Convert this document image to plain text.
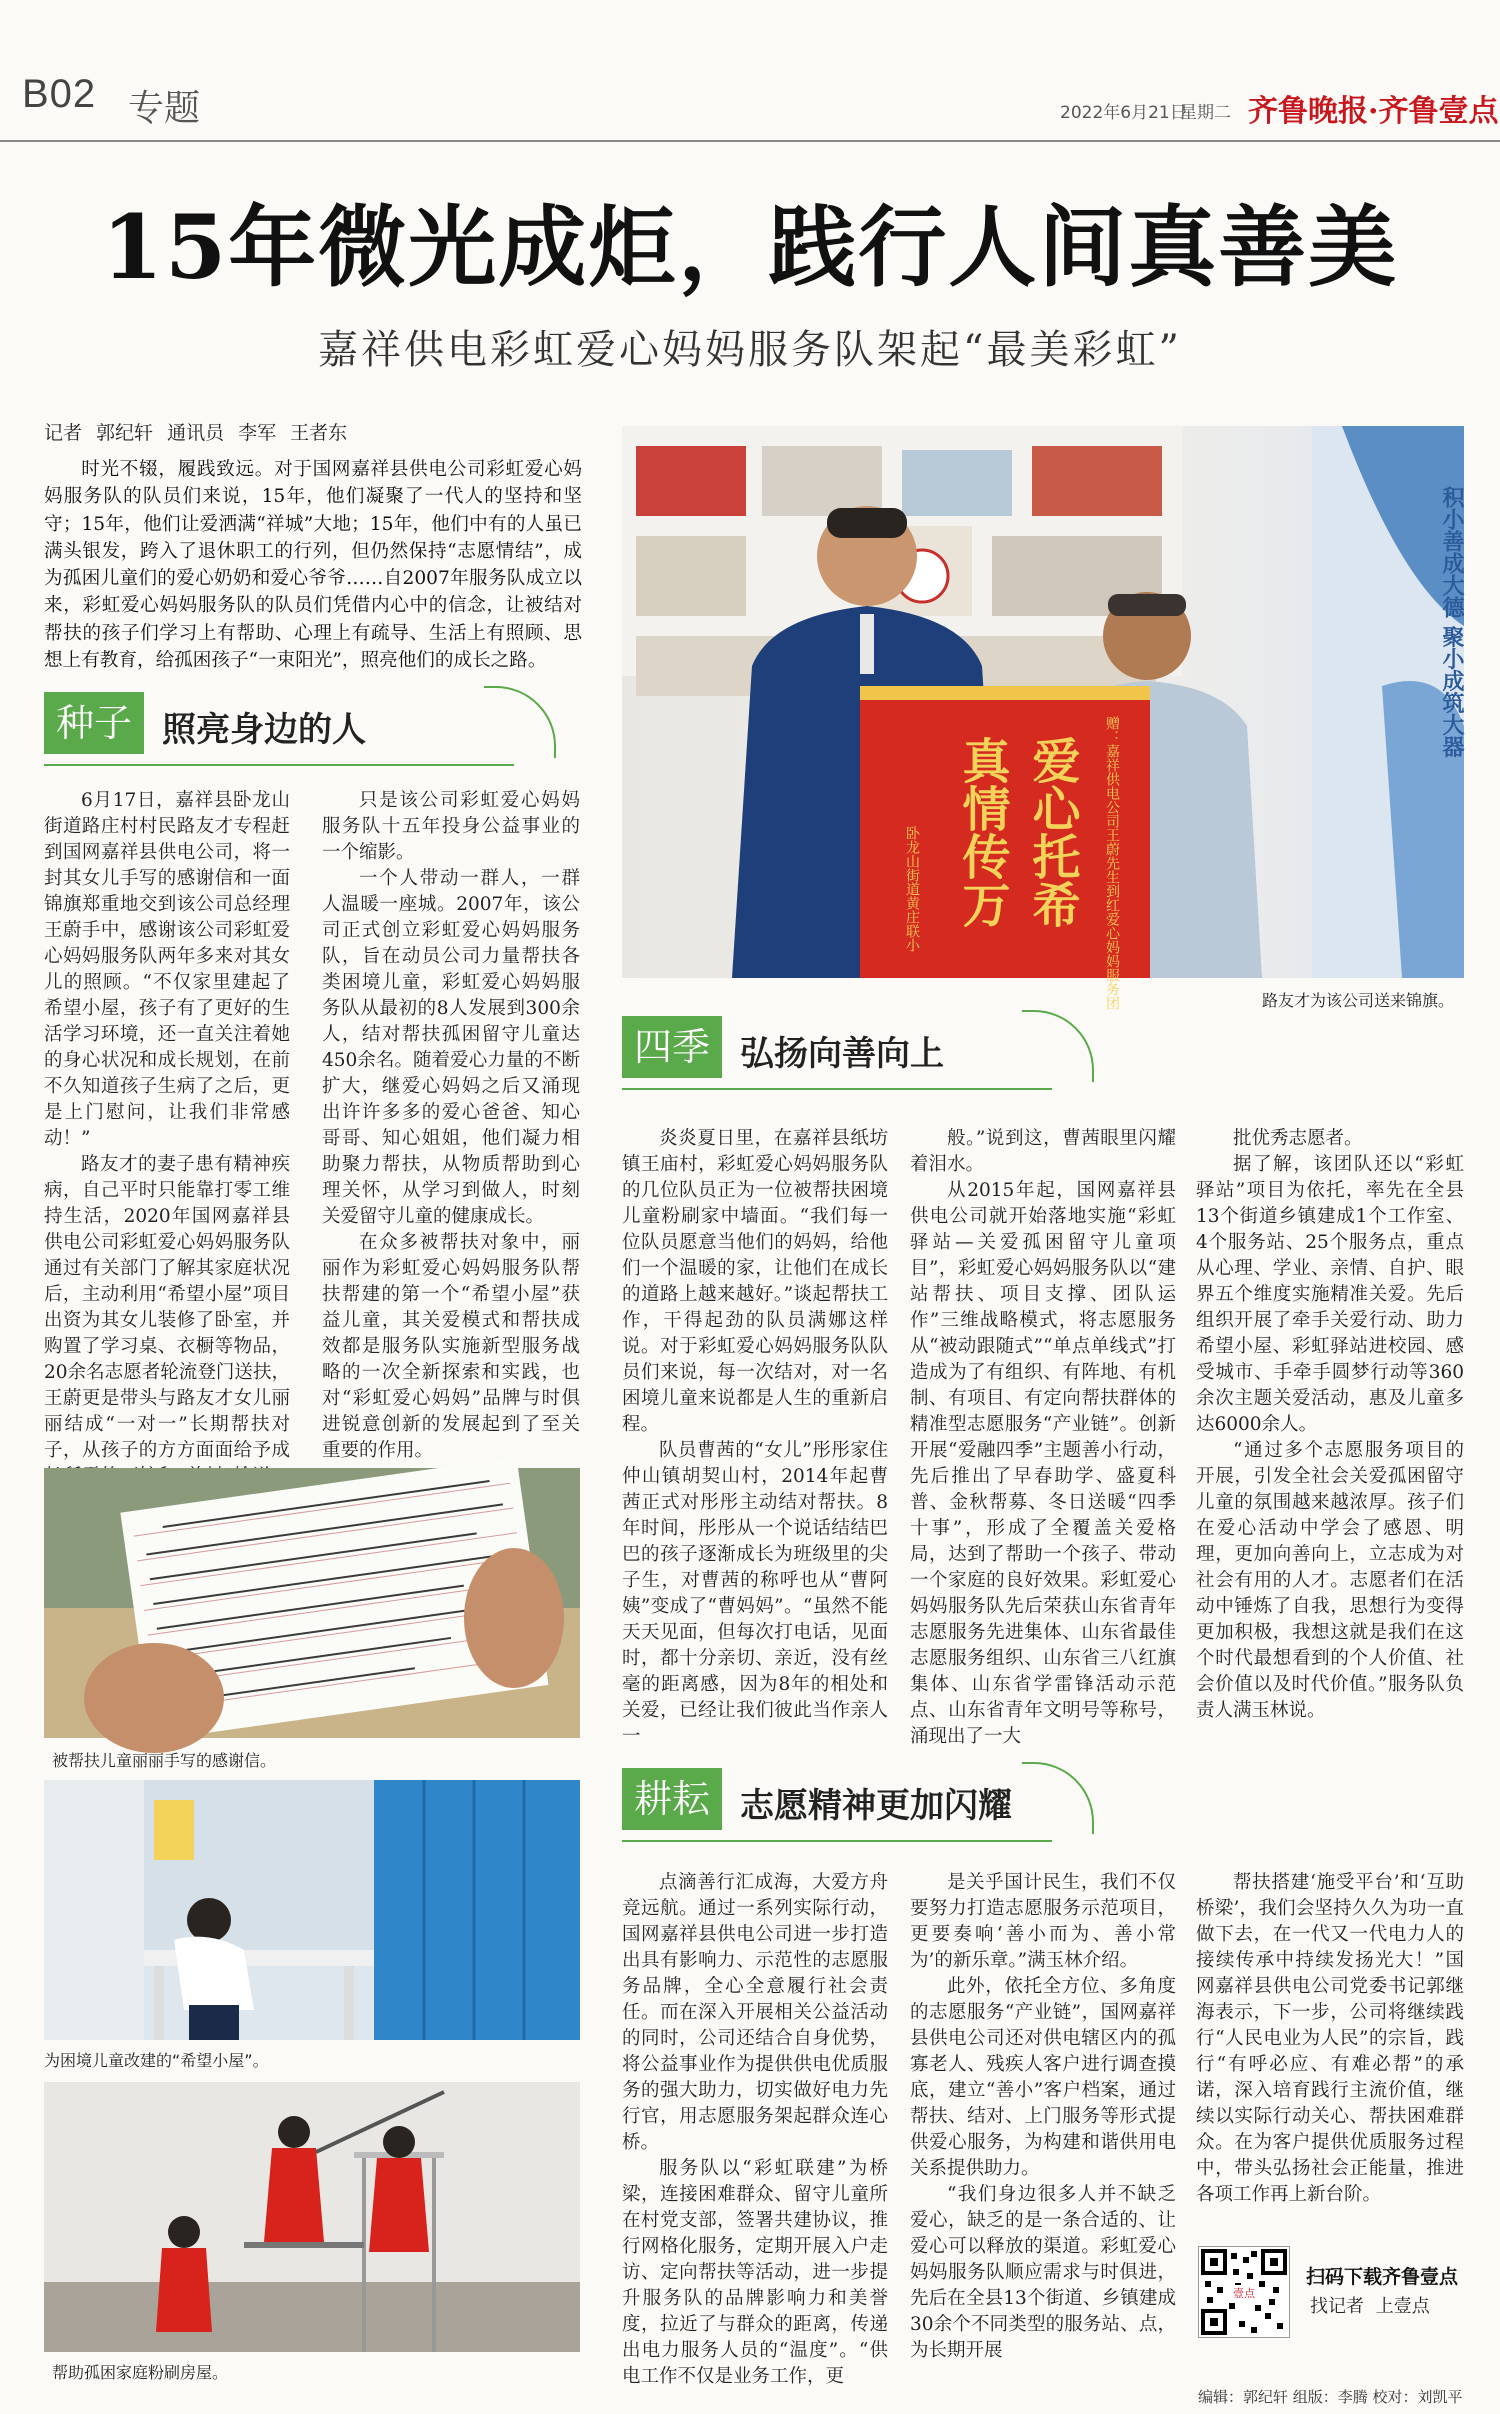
B02 专题	2022年6月21日
星期二 齐鲁晚报·齐鲁壹点
15年微光成炬，践行人间真善美
嘉祥供电彩虹爱心妈妈服务队架起“最美彩虹”
记者 郭纪轩 通讯员 李军 王者东
时光不辍，履践致远。对于国网嘉祥县供电公司彩虹爱心妈妈服务队的队员们来说，15年，他们凝聚了一代人的坚持和坚守；15年，他们让爱洒满“祥城”大地；15年，他们中有的人虽已满头银发，跨入了退休职工的行列，但仍然保持“志愿情结”，成为孤困儿童们的爱心奶奶和爱心爷爷……自2007年服务队成立以来，彩虹爱心妈妈服务队的队员们凭借内心中的信念，让被结对帮扶的孩子们学习上有帮助、心理上有疏导、生活上有照顾、思想上有教育，给孤困孩子“一束阳光”，照亮他们的成长之路。	积小善成大德 聚小成筑大器
赠：嘉祥供电公司王蔚先生到红爱心妈妈服务团
爱心托希
真情传万
卧龙山街道黄庄联小
路友才为该公司送来锦旗。
种子 照亮身边的人

6月17日，嘉祥县卧龙山街道路庄村村民路友才专程赶到国网嘉祥县供电公司，将一封其女儿手写的感谢信和一面锦旗郑重地交到该公司总经理王蔚手中，感谢该公司彩虹爱心妈妈服务队两年多来对其女儿的照顾。“不仅家里建起了希望小屋，孩子有了更好的生活学习环境，还一直关注着她的身心状况和成长规划，在前不久知道孩子生病了之后，更是上门慰问，让我们非常感动！”

路友才的妻子患有精神疾病，自己平时只能靠打零工维持生活，2020年国网嘉祥县供电公司彩虹爱心妈妈服务队通过有关部门了解其家庭状况后，主动利用“希望小屋”项目出资为其女儿装修了卧室，并购置了学习桌、衣橱等物品，20余名志愿者轮流登门送扶，王蔚更是带头与路友才女儿丽丽结成“一对一”长期帮扶对子，从孩子的方方面面给予成

只是该公司彩虹爱心妈妈服务队十五年投身公益事业的一个缩影。

一个人带动一群人，一群人温暖一座城。2007年，该公司正式创立彩虹爱心妈妈服务队，旨在动员公司力量帮扶各类困境儿童，彩虹爱心妈妈服务队从最初的8人发展到300余人，结对帮扶孤困留守儿童达450余名。随着爱心力量的不断扩大，继爱心妈妈之后又涌现出许许多多的爱心爸爸、知心哥哥、知心姐姐，他们凝力相助聚力帮扶，从物质帮助到心理关怀，从学习到做人，时刻关爱留守儿童的健康成长。

在众多被帮扶对象中，丽丽作为彩虹爱心妈妈服务队帮扶帮建的第一个“希望小屋”获益儿童，其关爱模式和帮扶成效都是服务队实施新型服务战略的一次全新探索和实践，也对“彩虹爱心妈妈”品牌与时俱进锐意创新的发展起到了至关重要的作用。

四季 弘扬向善向上

炎炎夏日里，在嘉祥县纸坊镇王庙村，彩虹爱心妈妈服务队的几位队员正为一位被帮扶困境儿童粉刷家中墙面。“我们每一位队员愿意当他们的妈妈，给他们一个温暖的家，让他们在成长的道路上越来越好。”谈起帮扶工作，干得起劲的队员满娜这样说。对于彩虹爱心妈妈服务队队员们来说，每一次结对，对一名困境儿童来说都是人生的重新启程。

队员曹茜的“女儿”彤彤家住仲山镇胡契山村，2014年起曹茜正式对彤彤主动结对帮扶。8年时间，彤彤从一个说话结结巴巴的孩子逐渐成长为班级里的尖子生，对曹茜的称呼也从“曹阿姨”变成了“曹妈妈”。“虽然不能天天见面，但每次打电话，见面时，都十分亲切、亲近，没有丝毫的距离感，因为8年的相处和关爱，已经让我们彼此当作亲人一

般。”说到这，曹茜眼里闪耀着泪水。

从2015年起，国网嘉祥县供电公司就开始落地实施“彩虹驿站—关爱孤困留守儿童项目”，彩虹爱心妈妈服务队以“建站帮扶、项目支撑、团队运作”三维战略模式，将志愿服务从“被动跟随式”“单点单线式”打造成为了有组织、有阵地、有机制、有项目、有定向帮扶群体的精准型志愿服务“产业链”。创新开展“爱融四季”主题善小行动，先后推出了早春助学、盛夏科普、金秋帮募、冬日送暖“四季十事”，形成了全覆盖关爱格局，达到了帮助一个孩子、带动一个家庭的良好效果。彩虹爱心妈妈服务队先后荣获山东省青年志愿服务先进集体、山东省最佳志愿服务组织、山东省三八红旗集体、山东省学雷锋活动示范点、山东省青年文明号等称号，涌现出了一大

批优秀志愿者。

据了解，该团队还以“彩虹驿站”项目为依托，率先在全县13个街道乡镇建成1个工作室、4个服务站、25个服务点，重点从心理、学业、亲情、自护、眼界五个维度实施精准关爱。先后组织开展了牵手关爱行动、助力希望小屋、彩虹驿站进校园、感受城市、手牵手圆梦行动等360余次主题关爱活动，惠及儿童多达6000余人。

“通过多个志愿服务项目的开展，引发全社会关爱孤困留守儿童的氛围越来越浓厚。孩子们在爱心活动中学会了感恩、明理，更加向善向上，立志成为对社会有用的人才。志愿者们在活动中锤炼了自我，思想行为变得更加积极，我想这就是我们在这个时代最想看到的个人价值、社会价值以及时代价值。”服务队负责人满玉林说。

耕耘 志愿精神更加闪耀

点滴善行汇成海，大爱方舟竞远航。通过一系列实际行动，国网嘉祥县供电公司进一步打造出具有影响力、示范性的志愿服务品牌，全心全意履行社会责任。而在深入开展相关公益活动的同时，公司还结合自身优势，将公益事业作为提供供电优质服务的强大助力，切实做好电力先行官，用志愿服务架起群众连心桥。

服务队以“彩虹联建”为桥梁，连接困难群众、留守儿童所在村党支部，签署共建协议，推行网格化服务，定期开展入户走访、定向帮扶等活动，进一步提升服务队的品牌影响力和美誉度，拉近了与群众的距离，传递出电力服务人员的“温度”。“供电工作不仅是业务工作，更

是关乎国计民生，我们不仅要努力打造志愿服务示范项目，更要奏响‘善小而为、善小常为’的新乐章。”满玉林介绍。

此外，依托全方位、多角度的志愿服务“产业链”，国网嘉祥县供电公司还对供电辖区内的孤寡老人、残疾人客户进行调查摸底，建立“善小”客户档案，通过帮扶、结对、上门服务等形式提供爱心服务，为构建和谐供用电关系提供助力。

“我们身边很多人并不缺乏爱心，缺乏的是一条合适的、让爱心可以释放的渠道。彩虹爱心妈妈服务队顺应需求与时俱进，先后在全县13个街道、乡镇建成30余个不同类型的服务站、点，为长期开展

帮扶搭建‘施受平台’和‘互助桥梁’，我们会坚持久久为功一直做下去，在一代又一代电力人的接续传承中持续发扬光大！”国网嘉祥县供电公司党委书记郭继海表示，下一步，公司将继续践行“人民电业为人民”的宗旨，践行“有呼必应、有难必帮”的承诺，深入培育践行主流价值，继续以实际行动关心、帮扶困难群众。在为客户提供优质服务过程中，带头弘扬社会正能量，推进各项工作再上新台阶。

被帮扶儿童丽丽手写的感谢信。
为困境儿童改建的“希望小屋”。
帮助孤困家庭粉刷房屋。
壹点
扫码下载齐鲁壹点
找记者 上壹点
编辑：郭纪轩 组版：李腾 校对：刘凯平
